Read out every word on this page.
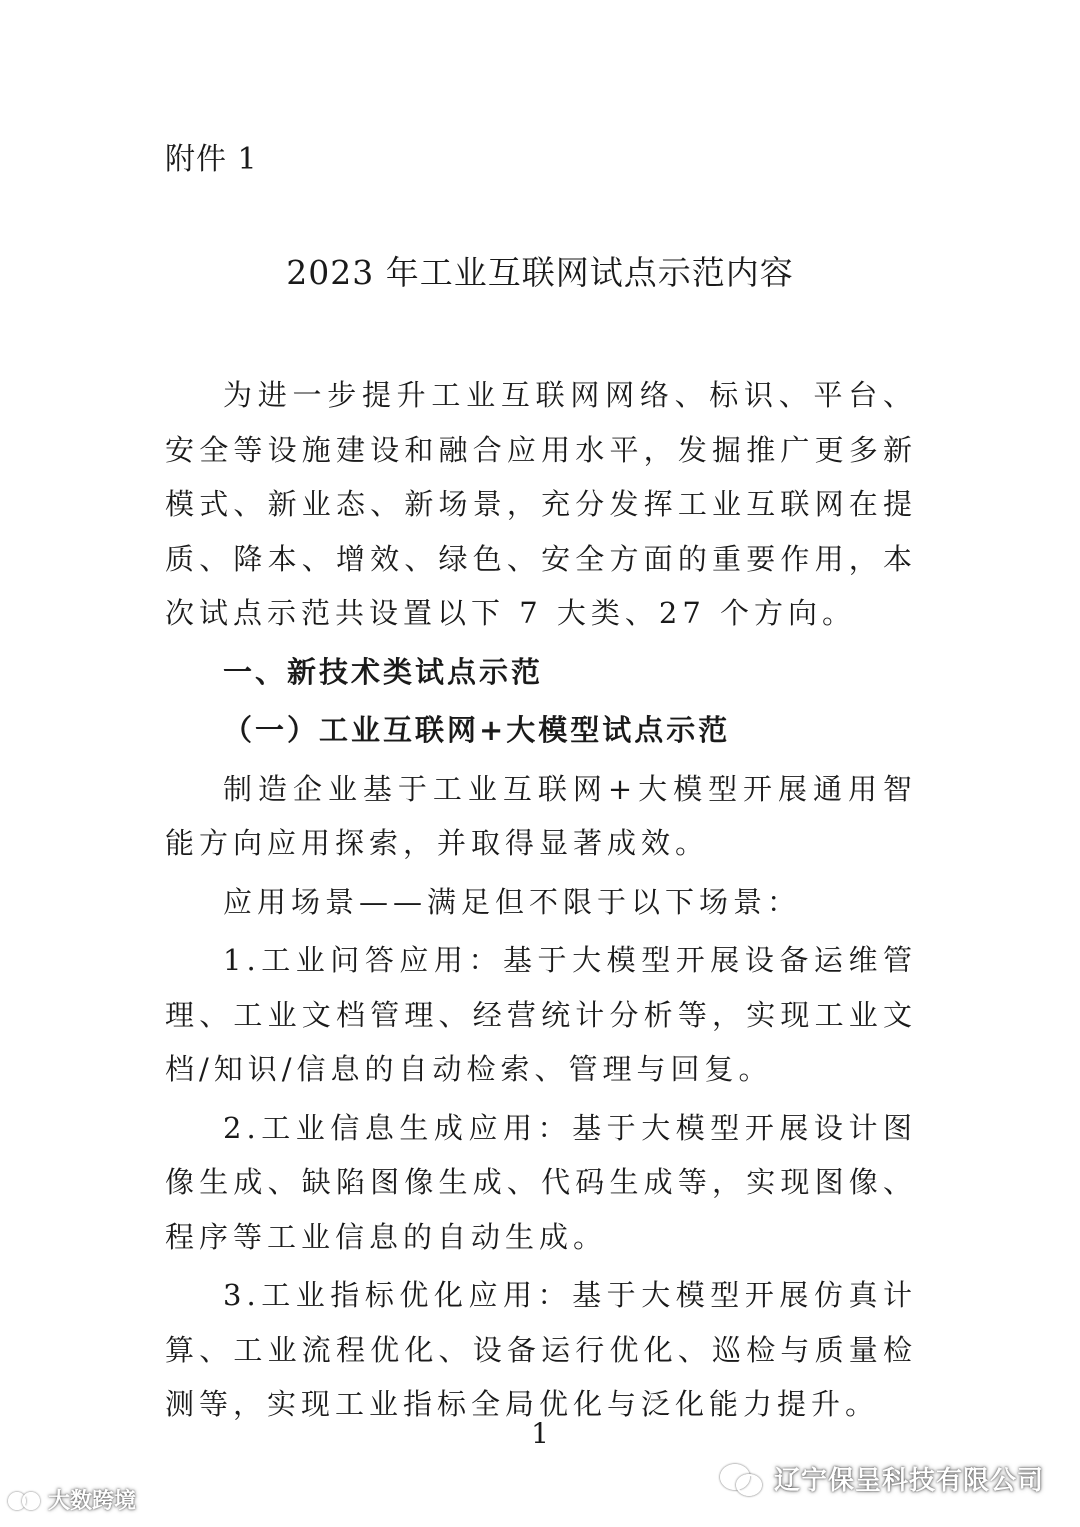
附件 1
2023 年工业互联网试点示范内容

为进一步提升工业互联网网络、标识、平台、安全等设施建设和融合应用水平，发掘推广更多新模式、新业态、新场景，充分发挥工业互联网在提质、降本、增效、绿色、安全方面的重要作用，本次试点示范共设置以下 7 大类、27 个方向。

一、新技术类试点示范

（一）工业互联网+大模型试点示范

制造企业基于工业互联网+大模型开展通用智能方向应用探索，并取得显著成效。

应用场景——满足但不限于以下场景：

1.工业问答应用：基于大模型开展设备运维管理、工业文档管理、经营统计分析等，实现工业文档/知识/信息的自动检索、管理与回复。

2.工业信息生成应用：基于大模型开展设计图像生成、缺陷图像生成、代码生成等，实现图像、程序等工业信息的自动生成。

3.工业指标优化应用：基于大模型开展仿真计算、工业流程优化、设备运行优化、巡检与质量检测等，实现工业指标全局优化与泛化能力提升。

1
大数跨境
辽宁保呈科技有限公司
